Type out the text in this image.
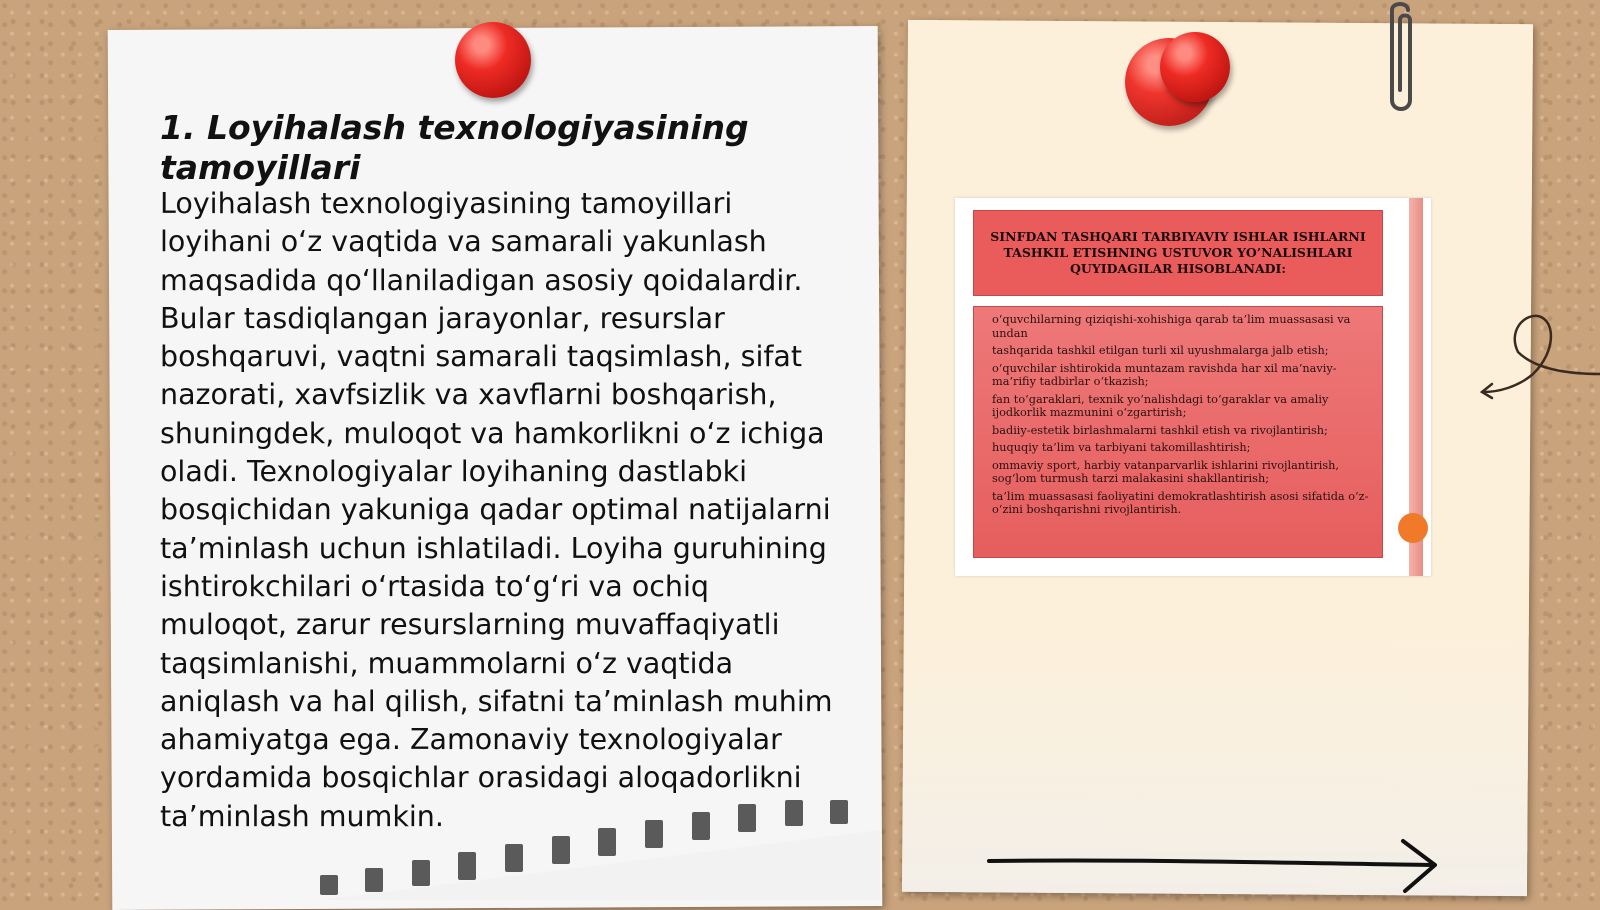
1. Loyihalash texnologiyasining tamoyillari

Loyihalash texnologiyasining tamoyillari loyihani o‘z vaqtida va samarali yakunlash maqsadida qo‘llaniladigan asosiy qoidalardir. Bular tasdiqlangan jarayonlar, resurslar boshqaruvi, vaqtni samarali taqsimlash, sifat nazorati, xavfsizlik va xavflarni boshqarish, shuningdek, muloqot va hamkorlikni o‘z ichiga oladi. Texnologiyalar loyihaning dastlabki bosqichidan yakuniga qadar optimal natijalarni ta’minlash uchun ishlatiladi. Loyiha guruhining ishtirokchilari o‘rtasida to‘g‘ri va ochiq muloqot, zarur resurslarning muvaffaqiyatli taqsimlanishi, muammolarni o‘z vaqtida aniqlash va hal qilish, sifatni ta’minlash muhim ahamiyatga ega. Zamonaviy texnologiyalar yordamida bosqichlar orasidagi aloqadorlikni ta’minlash mumkin.

SINFDAN TASHQARI TARBIYAVIY ISHLAR ISHLARNI TASHKIL ETISHNING USTUVOR YO’NALISHLARI QUYIDAGILAR HISOBLANADI:
o‘quvchilarning qiziqishi-xohishiga qarab ta’lim muassasasi va undan
tashqarida tashkil etilgan turli xil uyushmalarga jalb etish;
o‘quvchilar ishtirokida muntazam ravishda har xil ma’naviy-ma’rifiy tadbirlar o‘tkazish;
fan to‘garaklari, texnik yo‘nalishdagi to‘garaklar va amaliy ijodkorlik mazmunini o‘zgartirish;
badiiy-estetik birlashmalarni tashkil etish va rivojlantirish;
huquqiy ta’lim va tarbiyani takomillashtirish;
ommaviy sport, harbiy vatanparvarlik ishlarini rivojlantirish, sog‘lom turmush tarzi malakasini shakllantirish;
ta’lim muassasasi faoliyatini demokratlashtirish asosi sifatida o‘z-o‘zini boshqarishni rivojlantirish.
